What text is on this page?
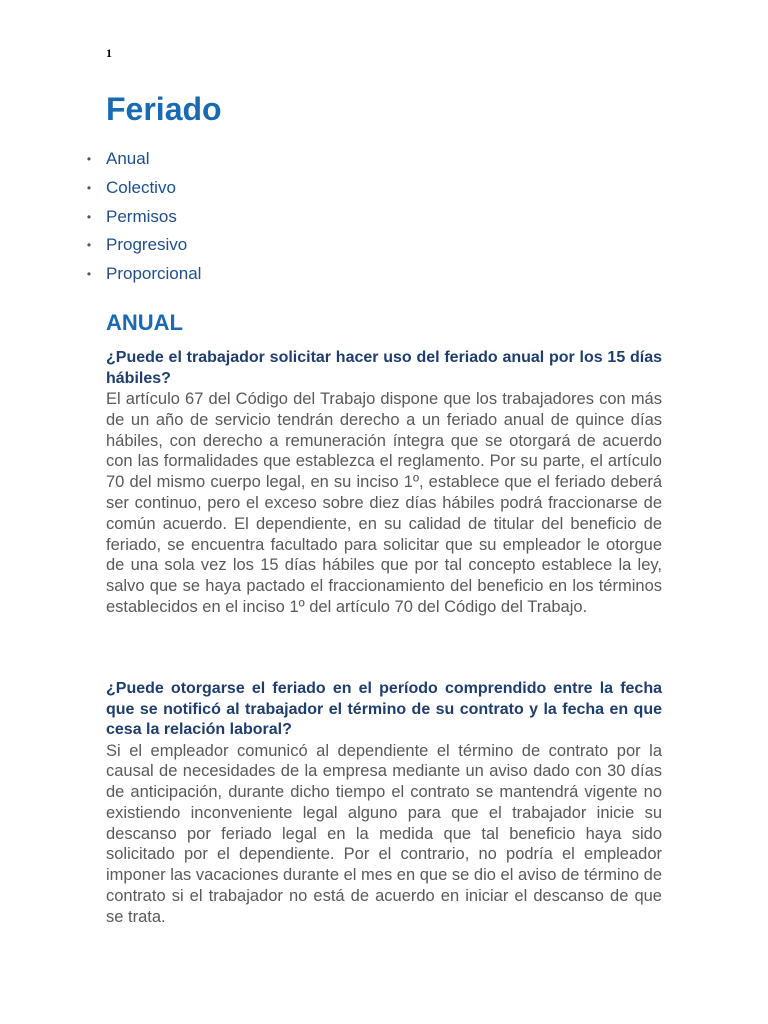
1
Feriado
• Anual
• Colectivo
• Permisos
• Progresivo
• Proporcional
ANUAL

¿Puede el trabajador solicitar hacer uso del feriado anual por los 15 días hábiles?

El artículo 67 del Código del Trabajo dispone que los trabajadores con más de un año de servicio tendrán derecho a un feriado anual de quince días hábiles, con derecho a remuneración íntegra que se otorgará de acuerdo con las formalidades que establezca el reglamento. Por su parte, el artículo 70 del mismo cuerpo legal, en su inciso 1º, establece que el feriado deberá ser continuo, pero el exceso sobre diez días hábiles podrá fraccionarse de común acuerdo. El dependiente, en su calidad de titular del beneficio de feriado, se encuentra facultado para solicitar que su empleador le otorgue de una sola vez los 15 días hábiles que por tal concepto establece la ley, salvo que se haya pactado el fraccionamiento del beneficio en los términos establecidos en el inciso 1º del artículo 70 del Código del Trabajo.

¿Puede otorgarse el feriado en el período comprendido entre la fecha que se notificó al trabajador el término de su contrato y la fecha en que cesa la relación laboral?

Si el empleador comunicó al dependiente el término de contrato por la causal de necesidades de la empresa mediante un aviso dado con 30 días de anticipación, durante dicho tiempo el contrato se mantendrá vigente no existiendo inconveniente legal alguno para que el trabajador inicie su descanso por feriado legal en la medida que tal beneficio haya sido solicitado por el dependiente. Por el contrario, no podría el empleador imponer las vacaciones durante el mes en que se dio el aviso de término de contrato si el trabajador no está de acuerdo en iniciar el descanso de que se trata.
